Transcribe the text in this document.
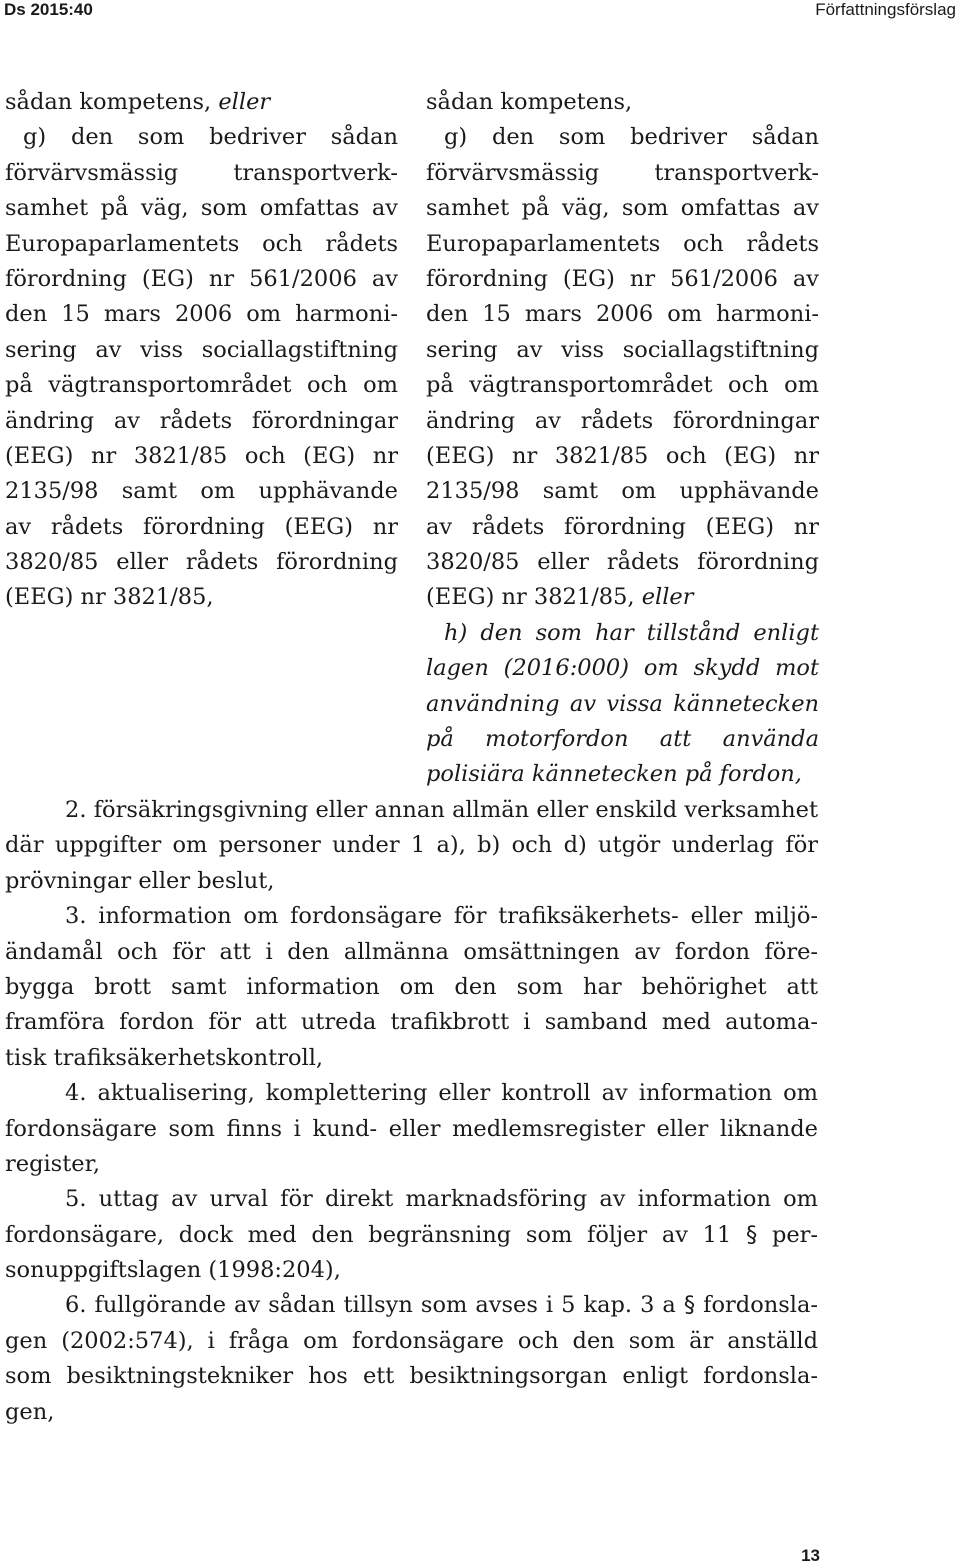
Ds 2015:40	Författningsförslag
sådan kompetens, eller
g) den som bedriver sådan
förvärvsmässig transportverk-
samhet på väg, som omfattas av
Europaparlamentets och rådets
förordning (EG) nr 561/2006 av
den 15 mars 2006 om harmoni-
sering av viss sociallagstiftning
på vägtransportområdet och om
ändring av rådets förordningar
(EEG) nr 3821/85 och (EG) nr
2135/98 samt om upphävande
av rådets förordning (EEG) nr
3820/85 eller rådets förordning
(EEG) nr 3821/85,
sådan kompetens,
g) den som bedriver sådan
förvärvsmässig transportverk-
samhet på väg, som omfattas av
Europaparlamentets och rådets
förordning (EG) nr 561/2006 av
den 15 mars 2006 om harmoni-
sering av viss sociallagstiftning
på vägtransportområdet och om
ändring av rådets förordningar
(EEG) nr 3821/85 och (EG) nr
2135/98 samt om upphävande
av rådets förordning (EEG) nr
3820/85 eller rådets förordning
(EEG) nr 3821/85, eller
h) den som har tillstånd enligt
lagen (2016:000) om skydd mot
användning av vissa kännetecken
på motorfordon att använda
polisiära kännetecken på fordon,
2. försäkringsgivning eller annan allmän eller enskild verksamhet
där uppgifter om personer under 1 a), b) och d) utgör underlag för
prövningar eller beslut,
3. information om fordonsägare för trafiksäkerhets- eller miljö-
ändamål och för att i den allmänna omsättningen av fordon före-
bygga brott samt information om den som har behörighet att
framföra fordon för att utreda trafikbrott i samband med automa-
tisk trafiksäkerhetskontroll,
4. aktualisering, komplettering eller kontroll av information om
fordonsägare som finns i kund- eller medlemsregister eller liknande
register,
5. uttag av urval för direkt marknadsföring av information om
fordonsägare, dock med den begränsning som följer av 11 § per-
sonuppgiftslagen (1998:204),
6. fullgörande av sådan tillsyn som avses i 5 kap. 3 a § fordonsla-
gen (2002:574), i fråga om fordonsägare och den som är anställd
som besiktningstekniker hos ett besiktningsorgan enligt fordonsla-
gen,
13
